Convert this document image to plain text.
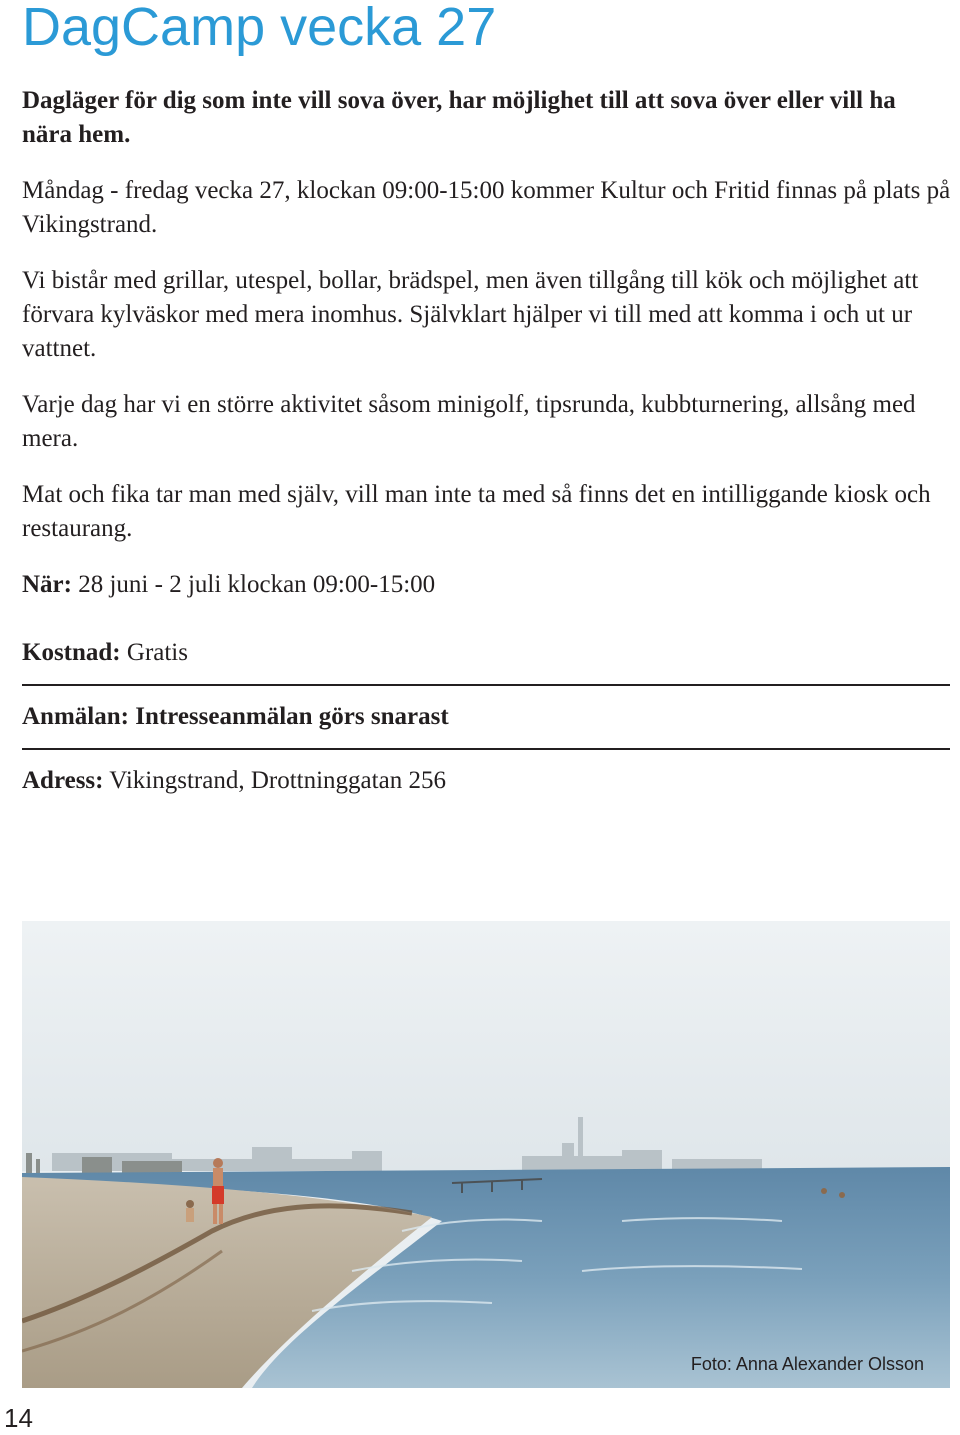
DagCamp vecka 27

Dagläger för dig som inte vill sova över, har möjlighet till att sova över eller vill ha nära hem.

Måndag - fredag vecka 27, klockan 09:00-15:00 kommer Kultur och Fritid finnas på plats på Vikingstrand.

Vi bistår med grillar, utespel, bollar, brädspel, men även tillgång till kök och möjlighet att förvara kylväskor med mera inomhus. Självklart hjälper vi till med att komma i och ut ur vattnet.

Varje dag har vi en större aktivitet såsom minigolf, tipsrunda, kubbturnering, allsång med mera.

Mat och fika tar man med själv, vill man inte ta med så finns det en intilliggande kiosk och restaurang.

När: 28 juni - 2 juli klockan 09:00-15:00
Kostnad: Gratis
Anmälan: Intresseanmälan görs snarast
Adress: Vikingstrand, Drottninggatan 256
Foto: Anna Alexander Olsson
14
